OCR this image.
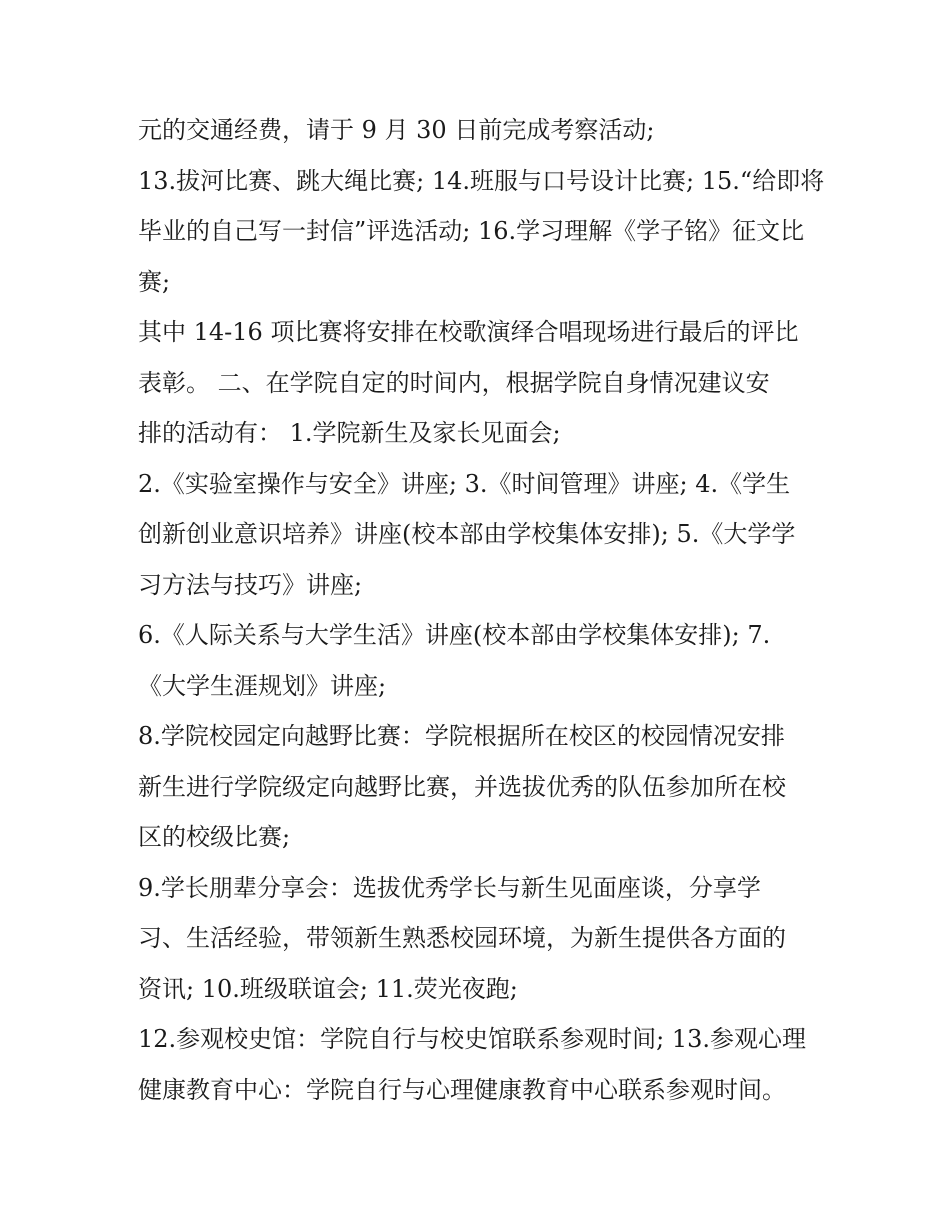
元的交通经费，请于 9 月 30 日前完成考察活动;
13.拔河比赛、跳大绳比赛; 14.班服与口号设计比赛; 15.“给即将
毕业的自己写一封信”评选活动; 16.学习理解《学子铭》征文比
赛;
其中 14-16 项比赛将安排在校歌演绎合唱现场进行最后的评比
表彰。 二、在学院自定的时间内，根据学院自身情况建议安
排的活动有： 1.学院新生及家长见面会;
2.《实验室操作与安全》讲座; 3.《时间管理》讲座; 4.《学生
创新创业意识培养》讲座(校本部由学校集体安排); 5.《大学学
习方法与技巧》讲座;
6.《人际关系与大学生活》讲座(校本部由学校集体安排); 7.
《大学生涯规划》讲座;
8.学院校园定向越野比赛：学院根据所在校区的校园情况安排
新生进行学院级定向越野比赛，并选拔优秀的队伍参加所在校
区的校级比赛;
9.学长朋辈分享会：选拔优秀学长与新生见面座谈，分享学
习、生活经验，带领新生熟悉校园环境，为新生提供各方面的
资讯; 10.班级联谊会; 11.荧光夜跑;
12.参观校史馆：学院自行与校史馆联系参观时间; 13.参观心理
健康教育中心：学院自行与心理健康教育中心联系参观时间。
